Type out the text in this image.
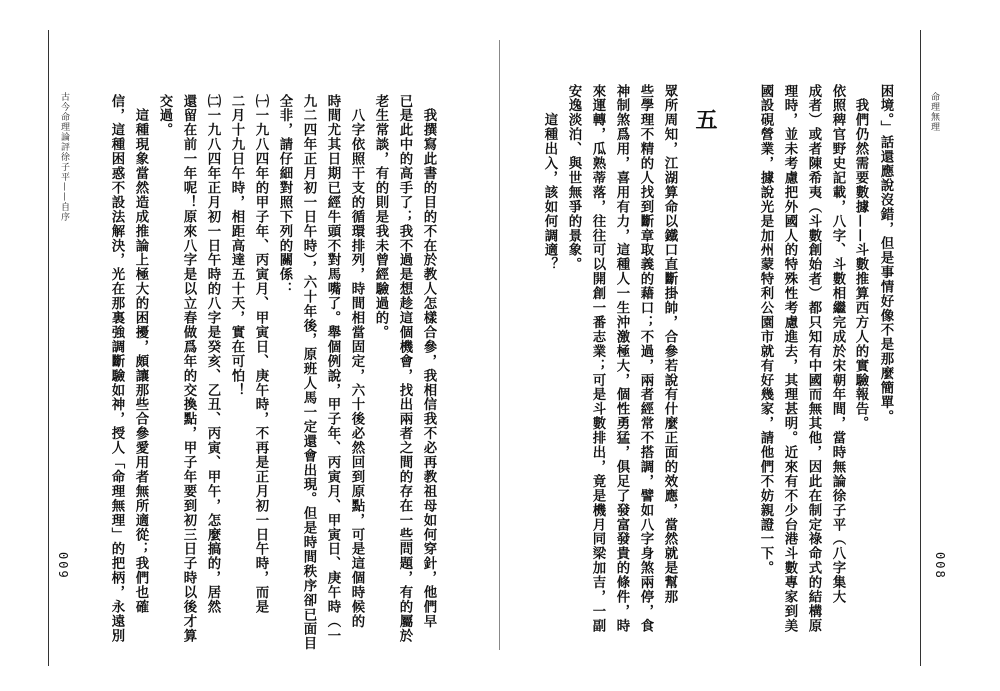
命理無理
008
困境。」話還應說沒錯，但是事情好像不是那麼簡單。
　我們仍然需要數據——斗數推算西方人的實驗報告。
依照稗官野史記載，八字、斗數相繼完成於宋朝年間，當時無論徐子平（八字集大
成者）或者陳希夷（斗數創始者）都只知有中國而無其他，因此在制定祿命式的結構原
理時，並未考慮把外國人的特殊性考慮進去，其理甚明。近來有不少台港斗數專家到美
國設硯營業，據說光是加州蒙特利公園市就有好幾家，請他們不妨親證一下。
五
眾所周知，江湖算命以鐵口直斷掛帥，合參若說有什麼正面的效應，當然就是幫那
些學理不精的人找到斷章取義的藉口；不過，兩者經常不搭調，譬如八字身煞兩停，食
神制煞爲用，喜用有力，這種人一生沖激極大，個性勇猛，俱足了發富發貴的條件，時
來運轉，瓜熟蒂落，往往可以開創一番志業；可是斗數排出，竟是機月同梁加吉，一副
安逸淡泊、與世無爭的景象。
　　這種出入，該如何調適？
　我撰寫此書的目的不在於教人怎樣合參，我相信我不必再教祖母如何穿針，他們早
已是此中的高手了；我不過是想趁這個機會，找出兩者之間的存在一些問題，有的屬於
老生常談，有的則是我未曾經驗過的。
　八字依照干支的循環排列，時間相當固定，六十後必然回到原點，可是這個時候的
時間尤其日期已經牛頭不對馬嘴了。舉個例說，甲子年、丙寅月、甲寅日、庚午時（一
九二四年正月初一日午時），六十年後，原班人馬一定還會出現。但是時間秩序卻已面目
全非，請仔細對照下列的關係：
㈠一九八四年的甲子年、丙寅月、甲寅日、庚午時，不再是正月初一日午時，而是
二月十九日午時，相距高達五十天，實在可怕！
㈡一九八四年正月初一日午時的八字是癸亥、乙丑、丙寅、甲午，怎麼搞的，居然
還留在前一年呢！原來八字是以立春做爲年的交換點，甲子年要到初三日子時以後才算
交過。
　這種現象當然造成推論上極大的困擾，頗讓那些合參愛用者無所適從；我們也確
信，這種困惑不設法解決，光在那裏強調斷驗如神，授人「命理無理」的把柄，永遠別
古今命理論評徐子平——自序
009
